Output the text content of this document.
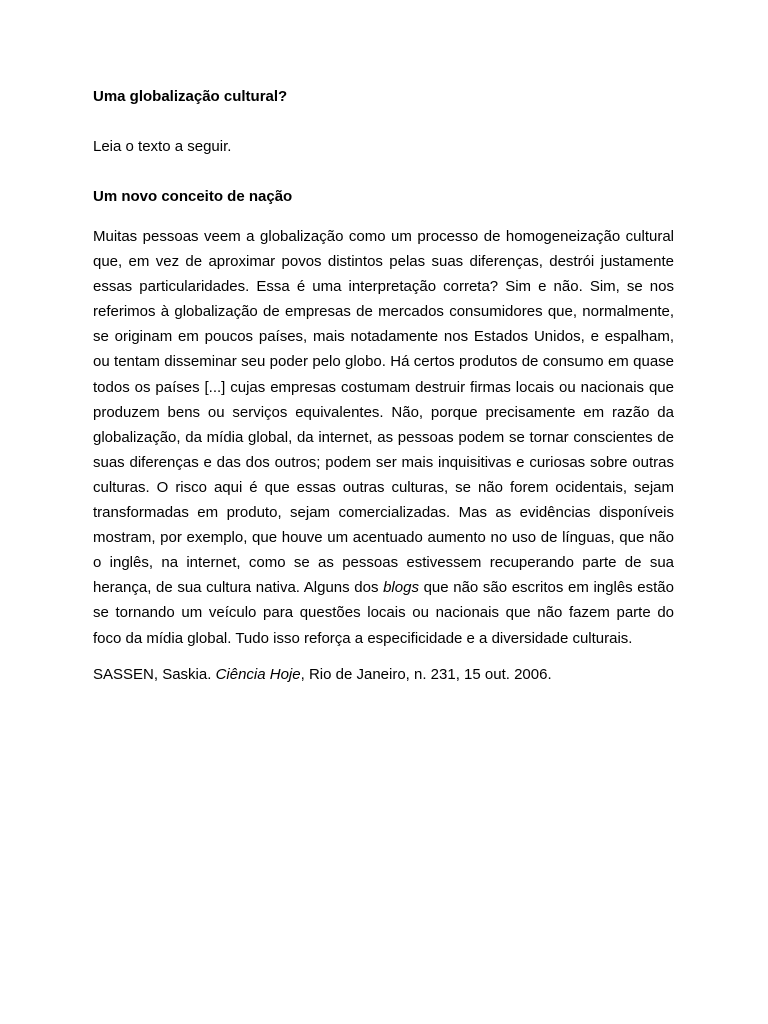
Uma globalização cultural?

Leia o texto a seguir.

Um novo conceito de nação

Muitas pessoas veem a globalização como um processo de homogeneização cultural que, em vez de aproximar povos distintos pelas suas diferenças, destrói justamente essas particularidades. Essa é uma interpretação correta? Sim e não. Sim, se nos referimos à globalização de empresas de mercados consumidores que, normalmente, se originam em poucos países, mais notadamente nos Estados Unidos, e espalham, ou tentam disseminar seu poder pelo globo. Há certos produtos de consumo em quase todos os países [...] cujas empresas costumam destruir firmas locais ou nacionais que produzem bens ou serviços equivalentes. Não, porque precisamente em razão da globalização, da mídia global, da internet, as pessoas podem se tornar conscientes de suas diferenças e das dos outros; podem ser mais inquisitivas e curiosas sobre outras culturas. O risco aqui é que essas outras culturas, se não forem ocidentais, sejam transformadas em produto, sejam comercializadas. Mas as evidências disponíveis mostram, por exemplo, que houve um acentuado aumento no uso de línguas, que não o inglês, na internet, como se as pessoas estivessem recuperando parte de sua herança, de sua cultura nativa. Alguns dos blogs que não são escritos em inglês estão se tornando um veículo para questões locais ou nacionais que não fazem parte do foco da mídia global. Tudo isso reforça a especificidade e a diversidade culturais.

SASSEN, Saskia. Ciência Hoje, Rio de Janeiro, n. 231, 15 out. 2006.
